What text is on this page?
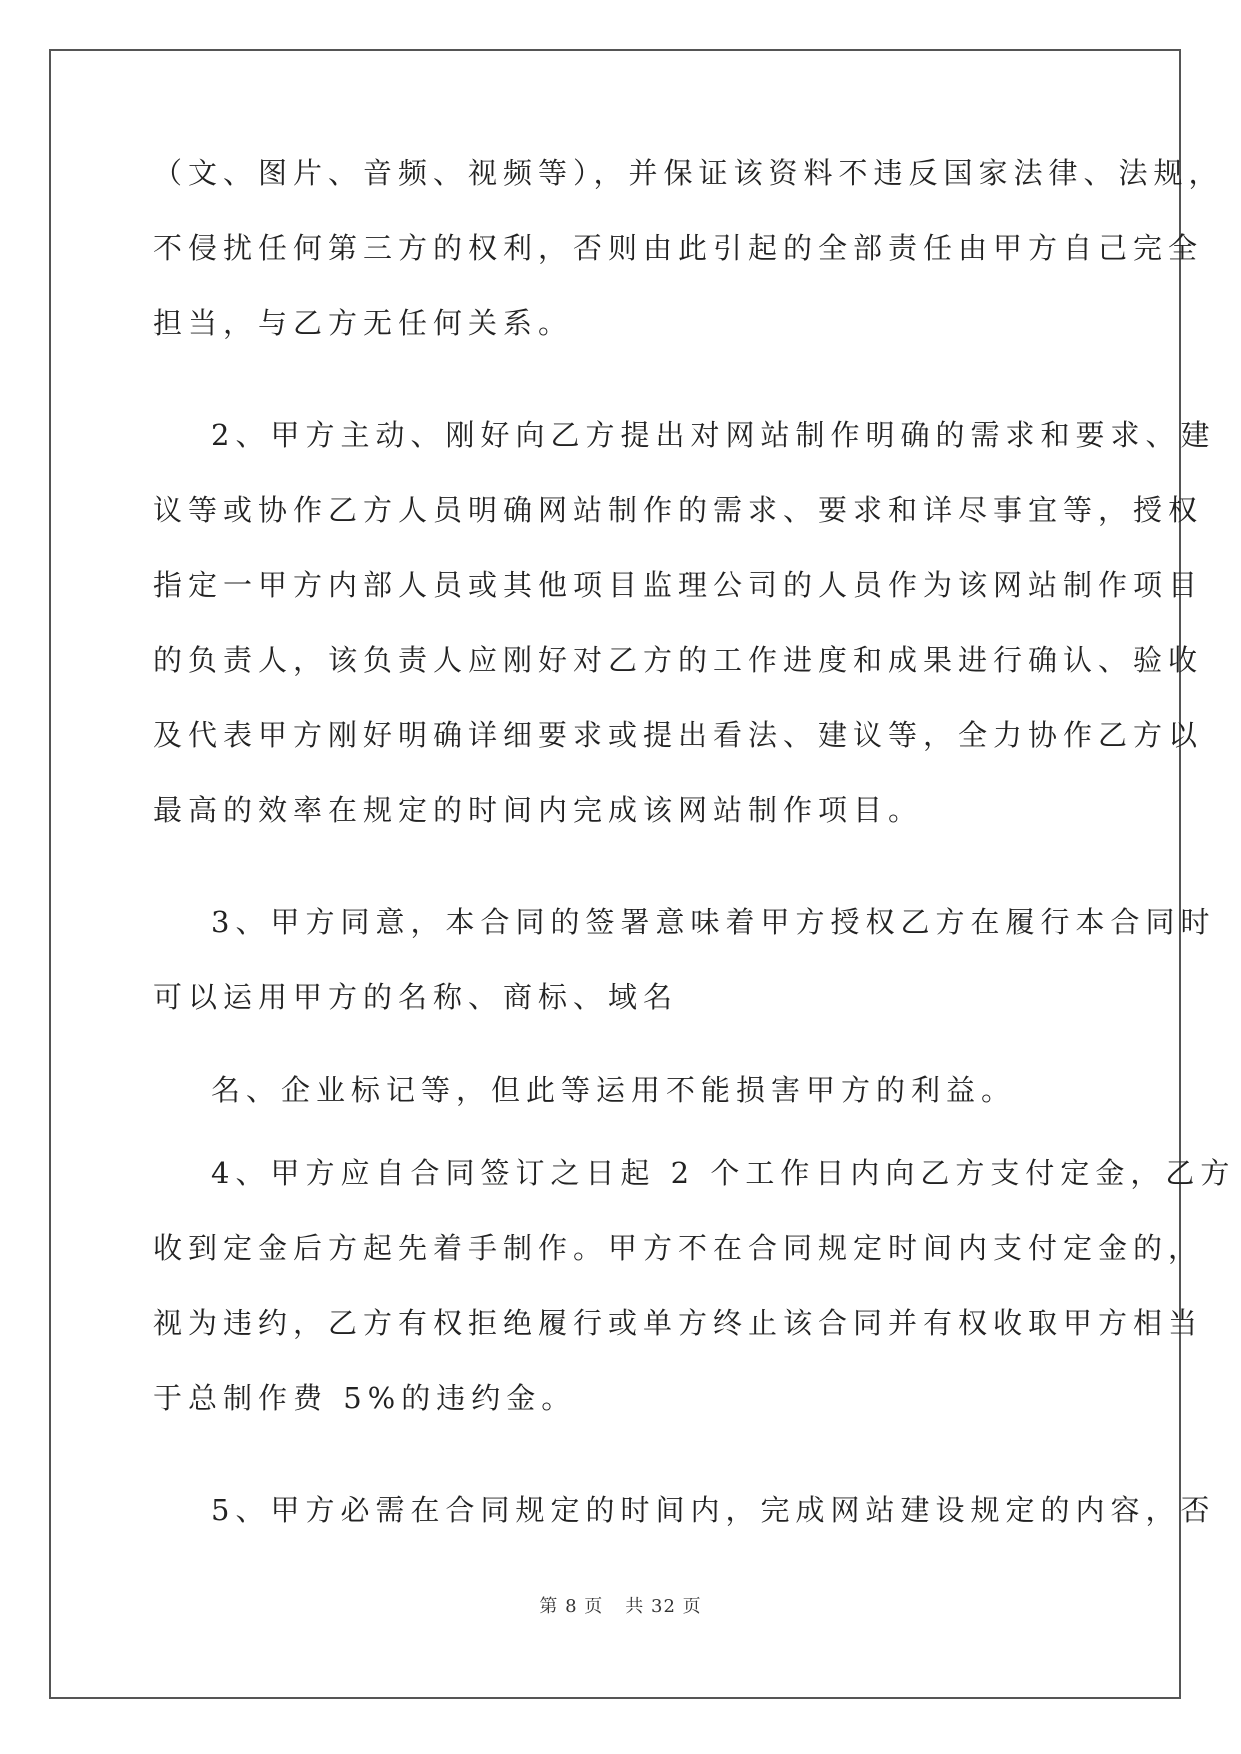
（文、图片、音频、视频等），并保证该资料不违反国家法律、法规，
不侵扰任何第三方的权利，否则由此引起的全部责任由甲方自己完全
担当，与乙方无任何关系。
2、甲方主动、刚好向乙方提出对网站制作明确的需求和要求、建
议等或协作乙方人员明确网站制作的需求、要求和详尽事宜等，授权
指定一甲方内部人员或其他项目监理公司的人员作为该网站制作项目
的负责人，该负责人应刚好对乙方的工作进度和成果进行确认、验收
及代表甲方刚好明确详细要求或提出看法、建议等，全力协作乙方以
最高的效率在规定的时间内完成该网站制作项目。
3、甲方同意，本合同的签署意味着甲方授权乙方在履行本合同时
可以运用甲方的名称、商标、域名
名、企业标记等，但此等运用不能损害甲方的利益。
4、甲方应自合同签订之日起 2 个工作日内向乙方支付定金，乙方
收到定金后方起先着手制作。甲方不在合同规定时间内支付定金的，
视为违约，乙方有权拒绝履行或单方终止该合同并有权收取甲方相当
于总制作费 5%的违约金。
5、甲方必需在合同规定的时间内，完成网站建设规定的内容，否
第 8 页 共 32 页
